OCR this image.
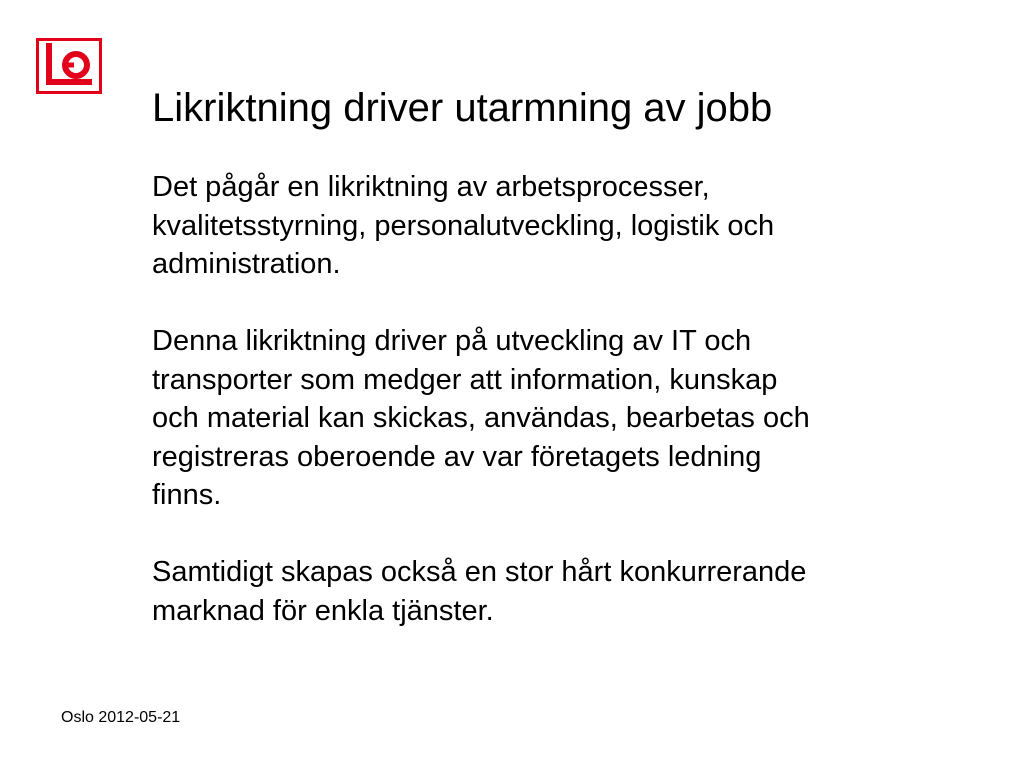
Likriktning driver utarmning av jobb

Det pågår en likriktning av arbetsprocesser,
kvalitetsstyrning, personalutveckling, logistik och
administration.

Denna likriktning driver på utveckling av IT och
transporter som medger att information, kunskap
och material kan skickas, användas, bearbetas och
registreras oberoende av var företagets ledning
finns.

Samtidigt skapas också en stor hårt konkurrerande
marknad för enkla tjänster.

Oslo 2012-05-21
